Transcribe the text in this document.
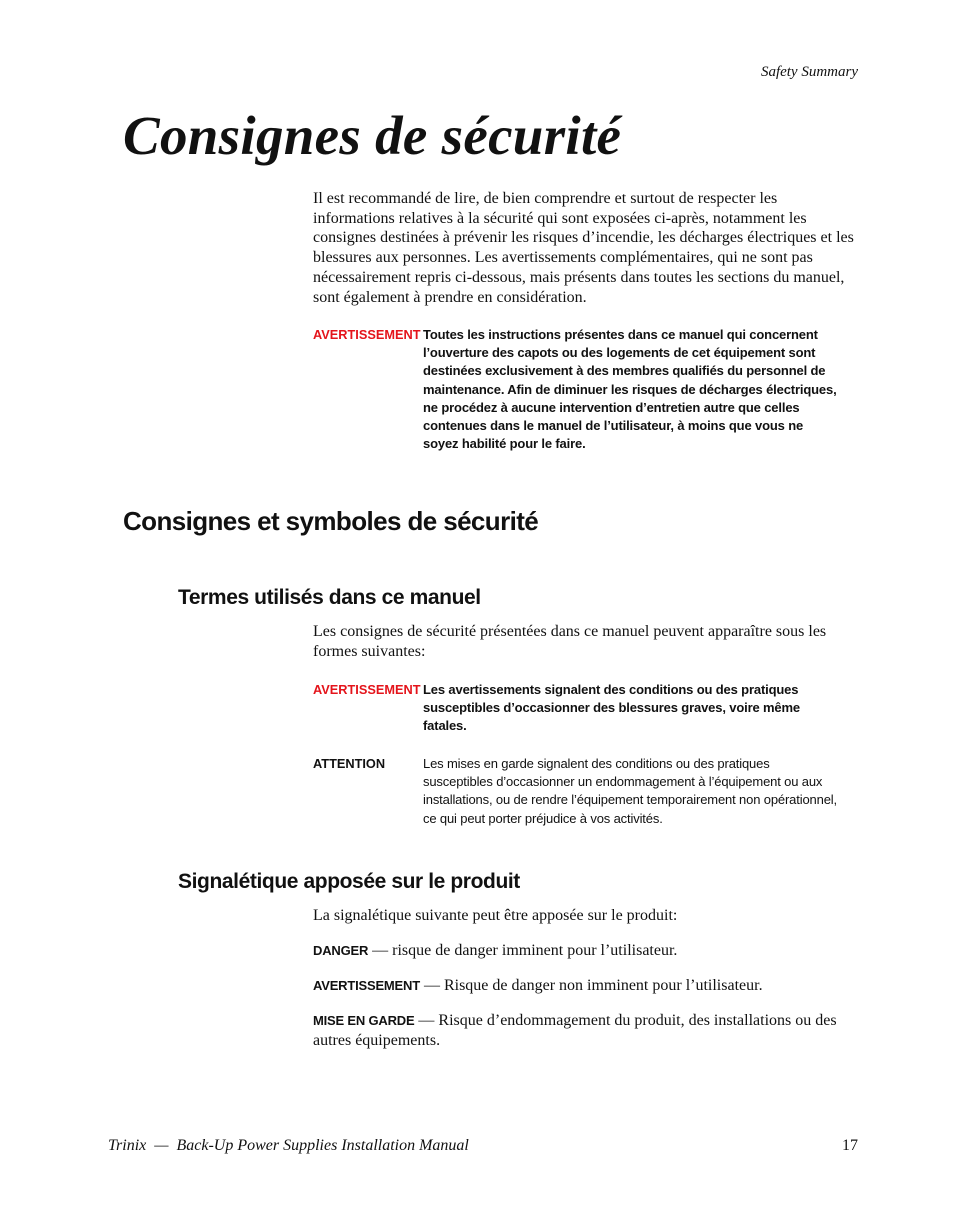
Safety Summary
Consignes de sécurité

Il est recommandé de lire, de bien comprendre et surtout de respecter les informations relatives à la sécurité qui sont exposées ci-après, notamment les consignes destinées à prévenir les risques d’incendie, les décharges électriques et les blessures aux personnes. Les avertissements complémentaires, qui ne sont pas nécessairement repris ci-dessous, mais présents dans toutes les sections du manuel, sont également à prendre en considération.

AVERTISSEMENT Toutes les instructions présentes dans ce manuel qui concernent l’ouverture des capots ou des logements de cet équipement sont destinées exclusivement à des membres qualifiés du personnel de maintenance. Afin de diminuer les risques de décharges électriques, ne procédez à aucune intervention d’entretien autre que celles contenues dans le manuel de l’utilisateur, à moins que vous ne soyez habilité pour le faire.
Consignes et symboles de sécurité
Termes utilisés dans ce manuel

Les consignes de sécurité présentées dans ce manuel peuvent apparaître sous les formes suivantes:

AVERTISSEMENT Les avertissements signalent des conditions ou des pratiques susceptibles d’occasionner des blessures graves, voire même fatales.
ATTENTION	Les mises en garde signalent des conditions ou des pratiques susceptibles d’occasionner un endommagement à l’équipement ou aux installations, ou de rendre l’équipement temporairement non opérationnel, ce qui peut porter préjudice à vos activités.
Signalétique apposée sur le produit

La signalétique suivante peut être apposée sur le produit:

DANGER — risque de danger imminent pour l’utilisateur.

AVERTISSEMENT — Risque de danger non imminent pour l’utilisateur.

MISE EN GARDE — Risque d’endommagement du produit, des installations ou des autres équipements.

Trinix  —  Back-Up Power Supplies Installation Manual	17
